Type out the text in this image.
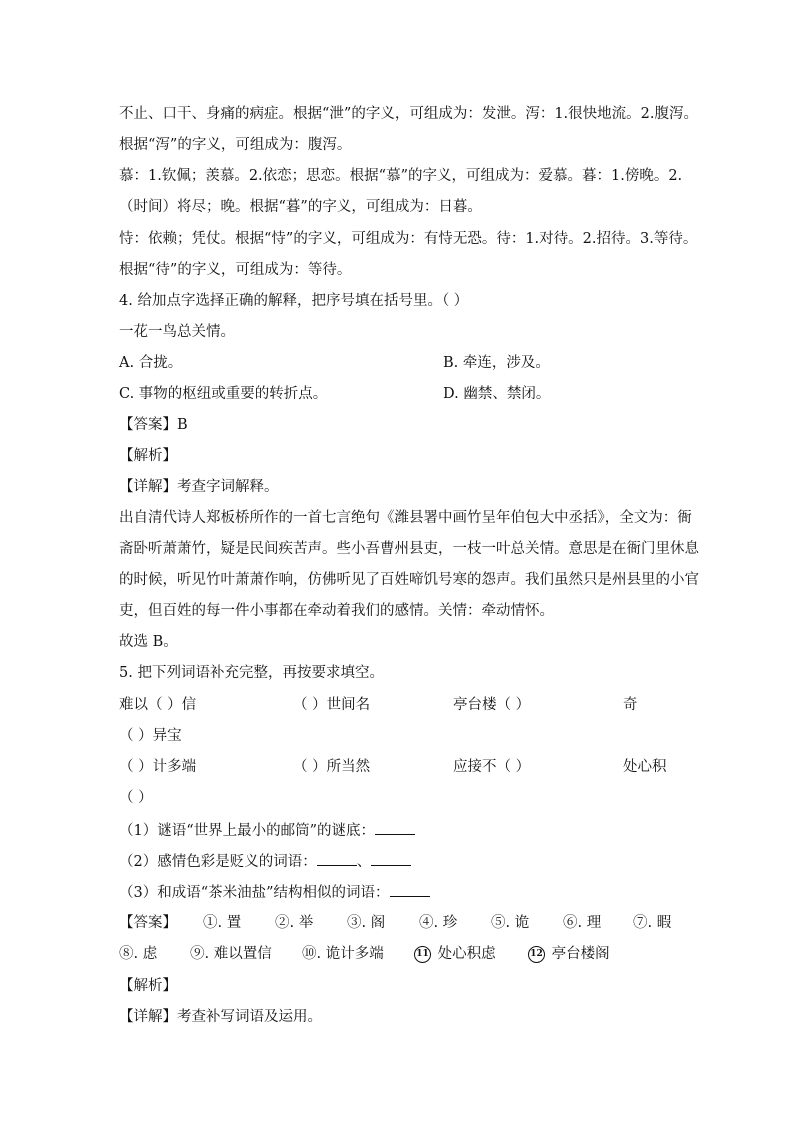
不止、口干、身痛的病症。根据“泄”的字义，可组成为：发泄。泻：1.很快地流。2.腹泻。
根据“泻”的字义，可组成为：腹泻。
慕：1.钦佩；羡慕。2.依恋；思恋。根据“慕”的字义，可组成为：爱慕。暮：1.傍晚。2.
（时间）将尽；晚。根据“暮”的字义，可组成为：日暮。
恃：依赖；凭仗。根据“恃”的字义，可组成为：有恃无恐。待：1.对待。2.招待。3.等待。
根据“待”的字义，可组成为：等待。
4. 给加点字选择正确的解释，把序号填在括号里。（ ）
一花一鸟总关情。
A. 合拢。	B. 牵连，涉及。
C. 事物的枢纽或重要的转折点。	D. 幽禁、禁闭。
【答案】B
【解析】
【详解】考查字词解释。
出自清代诗人郑板桥所作的一首七言绝句《潍县署中画竹呈年伯包大中丞括》，全文为：衙
斋卧听萧萧竹，疑是民间疾苦声。些小吾曹州县吏，一枝一叶总关情。意思是在衙门里休息
的时候，听见竹叶萧萧作响，仿佛听见了百姓啼饥号寒的怨声。我们虽然只是州县里的小官
吏，但百姓的每一件小事都在牵动着我们的感情。关情：牵动情怀。
故选 B。
5. 把下列词语补充完整，再按要求填空。
难以（ ）信	（ ）世间名	亭台楼（ ）	奇
（ ）异宝
（ ）计多端	（ ）所当然	应接不（ ）	处心积
（ ）
（1）谜语“世界上最小的邮筒”的谜底：
（2）感情色彩是贬义的词语：	、
（3）和成语“茶米油盐”结构相似的词语：
【答案】 ①. 置 ②. 举 ③. 阁 ④. 珍 ⑤. 诡 ⑥. 理 ⑦. 暇
⑧. 虑 ⑨. 难以置信 ⑩. 诡计多端	11 处心积虑	12 亭台楼阁
【解析】
【详解】考查补写词语及运用。
